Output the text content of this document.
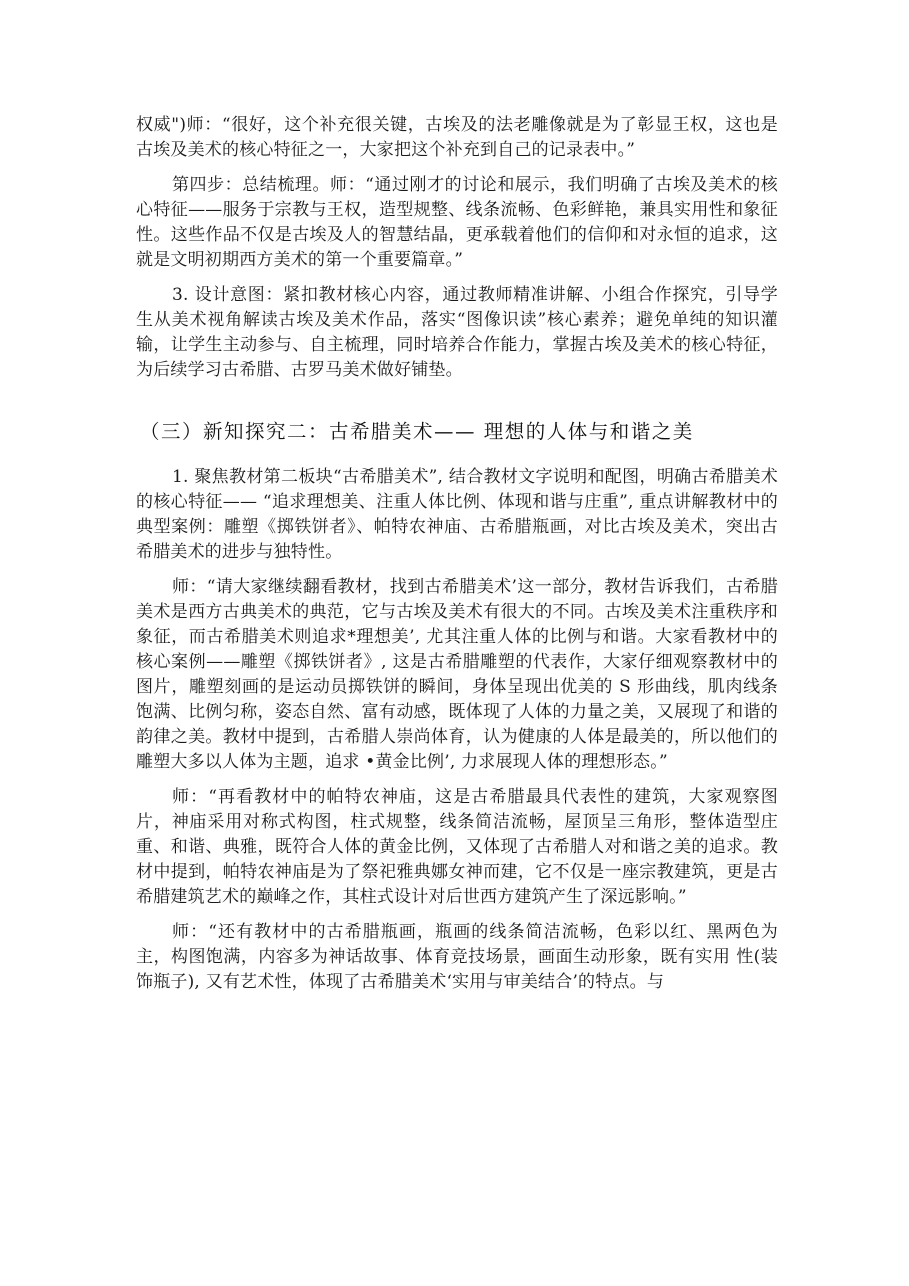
权威")师：“很好，这个补充很关键，古埃及的法老雕像就是为了彰显王权，这也是古埃及美术的核心特征之一，大家把这个补充到自己的记录表中。”

第四步：总结梳理。师：“通过刚才的讨论和展示，我们明确了古埃及美术的核心特征——服务于宗教与王权，造型规整、线条流畅、色彩鲜艳，兼具实用性和象征性。这些作品不仅是古埃及人的智慧结晶，更承载着他们的信仰和对永恒的追求，这就是文明初期西方美术的第一个重要篇章。”

3. 设计意图：紧扣教材核心内容，通过教师精准讲解、小组合作探究，引导学生从美术视角解读古埃及美术作品，落实“图像识读”核心素养；避免单纯的知识灌输，让学生主动参与、自主梳理，同时培养合作能力，掌握古埃及美术的核心特征，为后续学习古希腊、古罗马美术做好铺垫。

（三）新知探究二：古希腊美术—— 理想的人体与和谐之美

1. 聚焦教材第二板块“古希腊美术”, 结合教材文字说明和配图，明确古希腊美术的核心特征—— “追求理想美、注重人体比例、体现和谐与庄重”, 重点讲解教材中的典型案例：雕塑《掷铁饼者》、帕特农神庙、古希腊瓶画，对比古埃及美术，突出古希腊美术的进步与独特性。

师：“请大家继续翻看教材，找到古希腊美术’这一部分，教材告诉我们，古希腊美术是西方古典美术的典范，它与古埃及美术有很大的不同。古埃及美术注重秩序和象征，而古希腊美术则追求*理想美’, 尤其注重人体的比例与和谐。大家看教材中的核心案例——雕塑《掷铁饼者》, 这是古希腊雕塑的代表作，大家仔细观察教材中的图片，雕塑刻画的是运动员掷铁饼的瞬间，身体呈现出优美的 S 形曲线，肌肉线条饱满、比例匀称，姿态自然、富有动感，既体现了人体的力量之美，又展现了和谐的韵律之美。教材中提到，古希腊人崇尚体育，认为健康的人体是最美的，所以他们的雕塑大多以人体为主题，追求 •黄金比例’, 力求展现人体的理想形态。”

师：“再看教材中的帕特农神庙，这是古希腊最具代表性的建筑，大家观察图片，神庙采用对称式构图，柱式规整，线条简洁流畅，屋顶呈三角形，整体造型庄重、和谐、典雅，既符合人体的黄金比例，又体现了古希腊人对和谐之美的追求。教材中提到，帕特农神庙是为了祭祀雅典娜女神而建，它不仅是一座宗教建筑，更是古希腊建筑艺术的巅峰之作，其柱式设计对后世西方建筑产生了深远影响。”

师：“还有教材中的古希腊瓶画，瓶画的线条简洁流畅，色彩以红、黑两色为主，构图饱满，内容多为神话故事、体育竞技场景，画面生动形象，既有实用 性(装饰瓶子), 又有艺术性，体现了古希腊美术‘实用与审美结合’的特点。与
